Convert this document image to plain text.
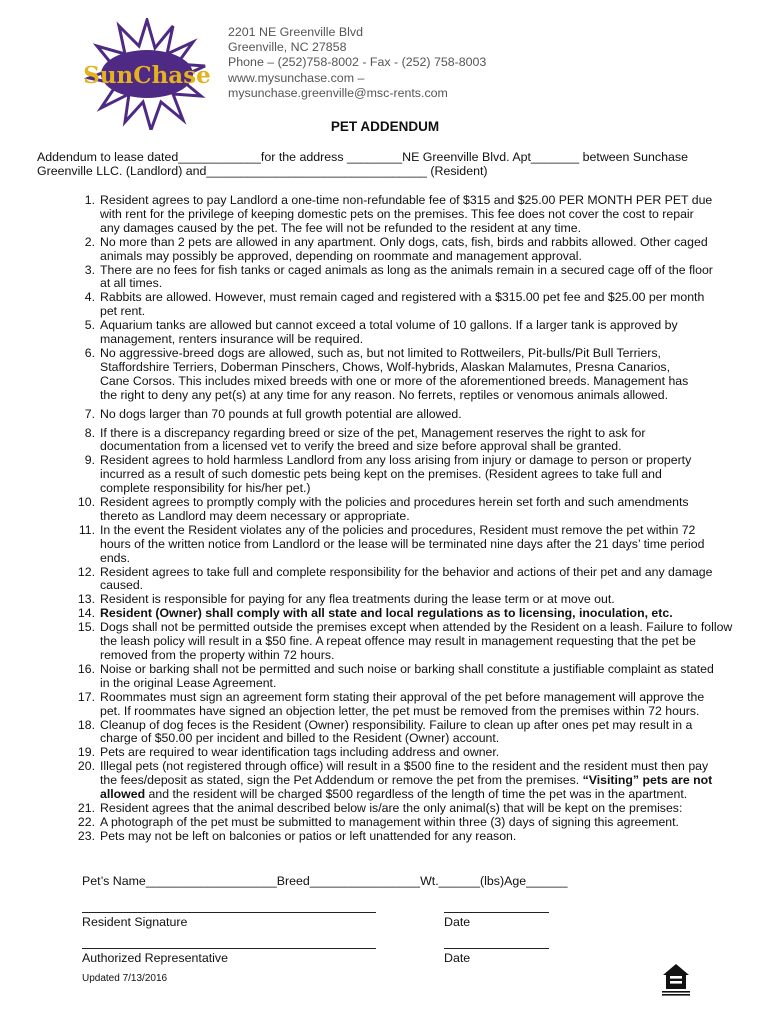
SunChase
2201 NE Greenville Blvd
Greenville, NC 27858
Phone – (252)758-8002 - Fax - (252) 758-8003
www.mysunchase.com –
mysunchase.greenville@msc-rents.com
PET ADDENDUM
Addendum to lease dated____________for the address ________NE Greenville Blvd. Apt_______ between Sunchase
Greenville LLC. (Landlord) and________________________________ (Resident)
1. Resident agrees to pay Landlord a one-time non-refundable fee of $315 and $25.00 PER MONTH PER PET due
with rent for the privilege of keeping domestic pets on the premises. This fee does not cover the cost to repair
any damages caused by the pet. The fee will not be refunded to the resident at any time.
2. No more than 2 pets are allowed in any apartment. Only dogs, cats, fish, birds and rabbits allowed. Other caged
animals may possibly be approved, depending on roommate and management approval.
3. There are no fees for fish tanks or caged animals as long as the animals remain in a secured cage off of the floor
at all times.
4. Rabbits are allowed. However, must remain caged and registered with a $315.00 pet fee and $25.00 per month
pet rent.
5. Aquarium tanks are allowed but cannot exceed a total volume of 10 gallons. If a larger tank is approved by
management, renters insurance will be required.
6. No aggressive-breed dogs are allowed, such as, but not limited to Rottweilers, Pit-bulls/Pit Bull Terriers,
Staffordshire Terriers, Doberman Pinschers, Chows, Wolf-hybrids, Alaskan Malamutes, Presna Canarios,
Cane Corsos. This includes mixed breeds with one or more of the aforementioned breeds. Management has
the right to deny any pet(s) at any time for any reason. No ferrets, reptiles or venomous animals allowed.
7. No dogs larger than 70 pounds at full growth potential are allowed.
8. If there is a discrepancy regarding breed or size of the pet, Management reserves the right to ask for
documentation from a licensed vet to verify the breed and size before approval shall be granted.
9. Resident agrees to hold harmless Landlord from any loss arising from injury or damage to person or property
incurred as a result of such domestic pets being kept on the premises. (Resident agrees to take full and
complete responsibility for his/her pet.)
10. Resident agrees to promptly comply with the policies and procedures herein set forth and such amendments
thereto as Landlord may deem necessary or appropriate.
11. In the event the Resident violates any of the policies and procedures, Resident must remove the pet within 72
hours of the written notice from Landlord or the lease will be terminated nine days after the 21 days’ time period
ends.
12. Resident agrees to take full and complete responsibility for the behavior and actions of their pet and any damage
caused.
13. Resident is responsible for paying for any flea treatments during the lease term or at move out.
14. Resident (Owner) shall comply with all state and local regulations as to licensing, inoculation, etc.
15. Dogs shall not be permitted outside the premises except when attended by the Resident on a leash. Failure to follow
the leash policy will result in a $50 fine. A repeat offence may result in management requesting that the pet be
removed from the property within 72 hours.
16. Noise or barking shall not be permitted and such noise or barking shall constitute a justifiable complaint as stated
in the original Lease Agreement.
17. Roommates must sign an agreement form stating their approval of the pet before management will approve the
pet. If roommates have signed an objection letter, the pet must be removed from the premises within 72 hours.
18. Cleanup of dog feces is the Resident (Owner) responsibility. Failure to clean up after ones pet may result in a
charge of $50.00 per incident and billed to the Resident (Owner) account.
19. Pets are required to wear identification tags including address and owner.
20. Illegal pets (not registered through office) will result in a $500 fine to the resident and the resident must then pay
the fees/deposit as stated, sign the Pet Addendum or remove the pet from the premises. “Visiting” pets are not
allowed and the resident will be charged $500 regardless of the length of time the pet was in the apartment.
21. Resident agrees that the animal described below is/are the only animal(s) that will be kept on the premises:
22. A photograph of the pet must be submitted to management within three (3) days of signing this agreement.
23. Pets may not be left on balconies or patios or left unattended for any reason.
Pet’s Name___________________Breed________________Wt.______(lbs)Age______
Resident Signature	Date
Authorized Representative	Date
Updated 7/13/2016
